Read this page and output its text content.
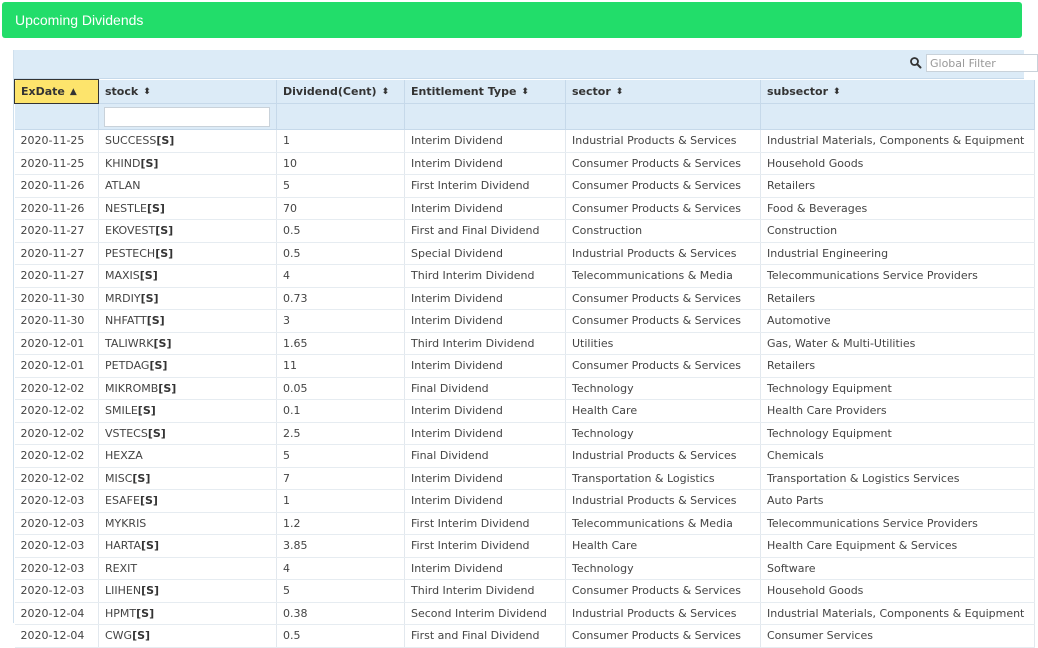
Upcoming Dividends
Global Filter
ExDate ▲	stock ⬍	Dividend(Cent) ⬍	Entitlement Type ⬍	sector ⬍	subsector ⬍

2020-11-25	SUCCESS[S]	1	Interim Dividend	Industrial Products & Services	Industrial Materials, Components & Equipment
2020-11-25	KHIND[S]	10	Interim Dividend	Consumer Products & Services	Household Goods
2020-11-26	ATLAN	5	First Interim Dividend	Consumer Products & Services	Retailers
2020-11-26	NESTLE[S]	70	Interim Dividend	Consumer Products & Services	Food & Beverages
2020-11-27	EKOVEST[S]	0.5	First and Final Dividend	Construction	Construction
2020-11-27	PESTECH[S]	0.5	Special Dividend	Industrial Products & Services	Industrial Engineering
2020-11-27	MAXIS[S]	4	Third Interim Dividend	Telecommunications & Media	Telecommunications Service Providers
2020-11-30	MRDIY[S]	0.73	Interim Dividend	Consumer Products & Services	Retailers
2020-11-30	NHFATT[S]	3	Interim Dividend	Consumer Products & Services	Automotive
2020-12-01	TALIWRK[S]	1.65	Third Interim Dividend	Utilities	Gas, Water & Multi-Utilities
2020-12-01	PETDAG[S]	11	Interim Dividend	Consumer Products & Services	Retailers
2020-12-02	MIKROMB[S]	0.05	Final Dividend	Technology	Technology Equipment
2020-12-02	SMILE[S]	0.1	Interim Dividend	Health Care	Health Care Providers
2020-12-02	VSTECS[S]	2.5	Interim Dividend	Technology	Technology Equipment
2020-12-02	HEXZA	5	Final Dividend	Industrial Products & Services	Chemicals
2020-12-02	MISC[S]	7	Interim Dividend	Transportation & Logistics	Transportation & Logistics Services
2020-12-03	ESAFE[S]	1	Interim Dividend	Industrial Products & Services	Auto Parts
2020-12-03	MYKRIS	1.2	First Interim Dividend	Telecommunications & Media	Telecommunications Service Providers
2020-12-03	HARTA[S]	3.85	First Interim Dividend	Health Care	Health Care Equipment & Services
2020-12-03	REXIT	4	Interim Dividend	Technology	Software
2020-12-03	LIIHEN[S]	5	Third Interim Dividend	Consumer Products & Services	Household Goods
2020-12-04	HPMT[S]	0.38	Second Interim Dividend	Industrial Products & Services	Industrial Materials, Components & Equipment
2020-12-04	CWG[S]	0.5	First and Final Dividend	Consumer Products & Services	Consumer Services
